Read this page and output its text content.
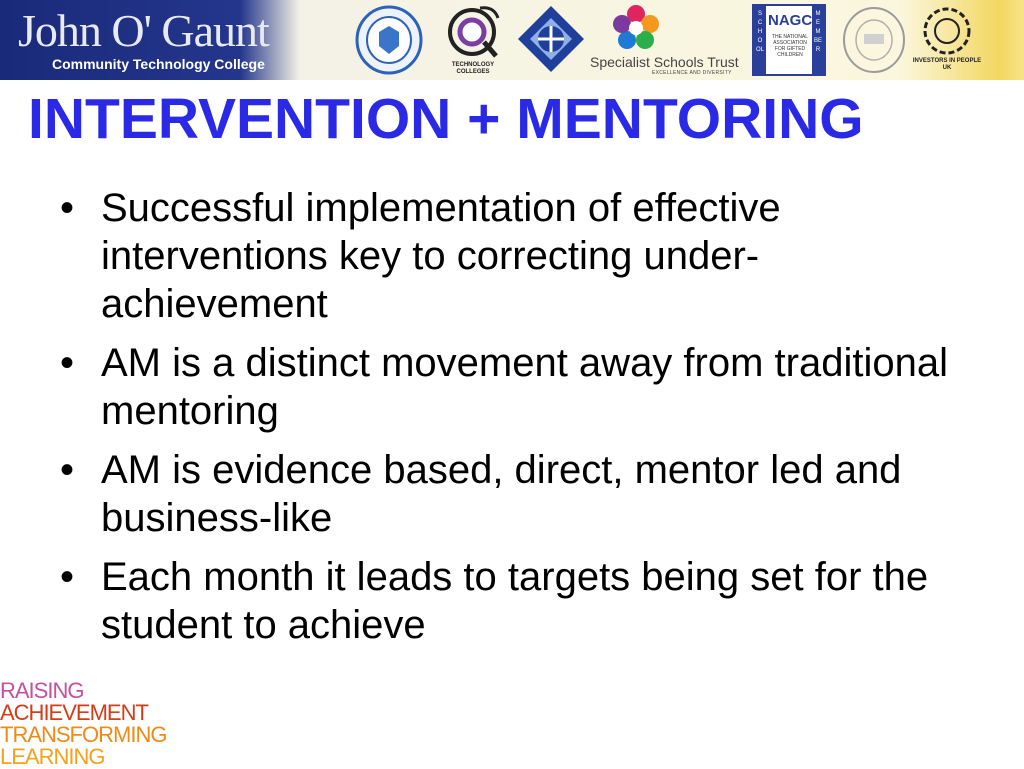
John O' Gaunt
Community Technology College	TECHNOLOGY COLLEGES
Specialist Schools Trust
EXCELLENCE AND DIVERSITY
SCHOOL
MEMBER
NAGC
THE NATIONAL ASSOCIATION FOR GIFTED CHILDREN
INVESTORS IN PEOPLE UK
INTERVENTION + MENTORING
• Successful implementation of effective interventions key to correcting under-achievement
• AM is a distinct movement away from traditional mentoring
• AM is evidence based, direct, mentor led and business-like
• Each month it leads to targets being set for the student to achieve
RAISING
ACHIEVEMENT
TRANSFORMING
LEARNING
